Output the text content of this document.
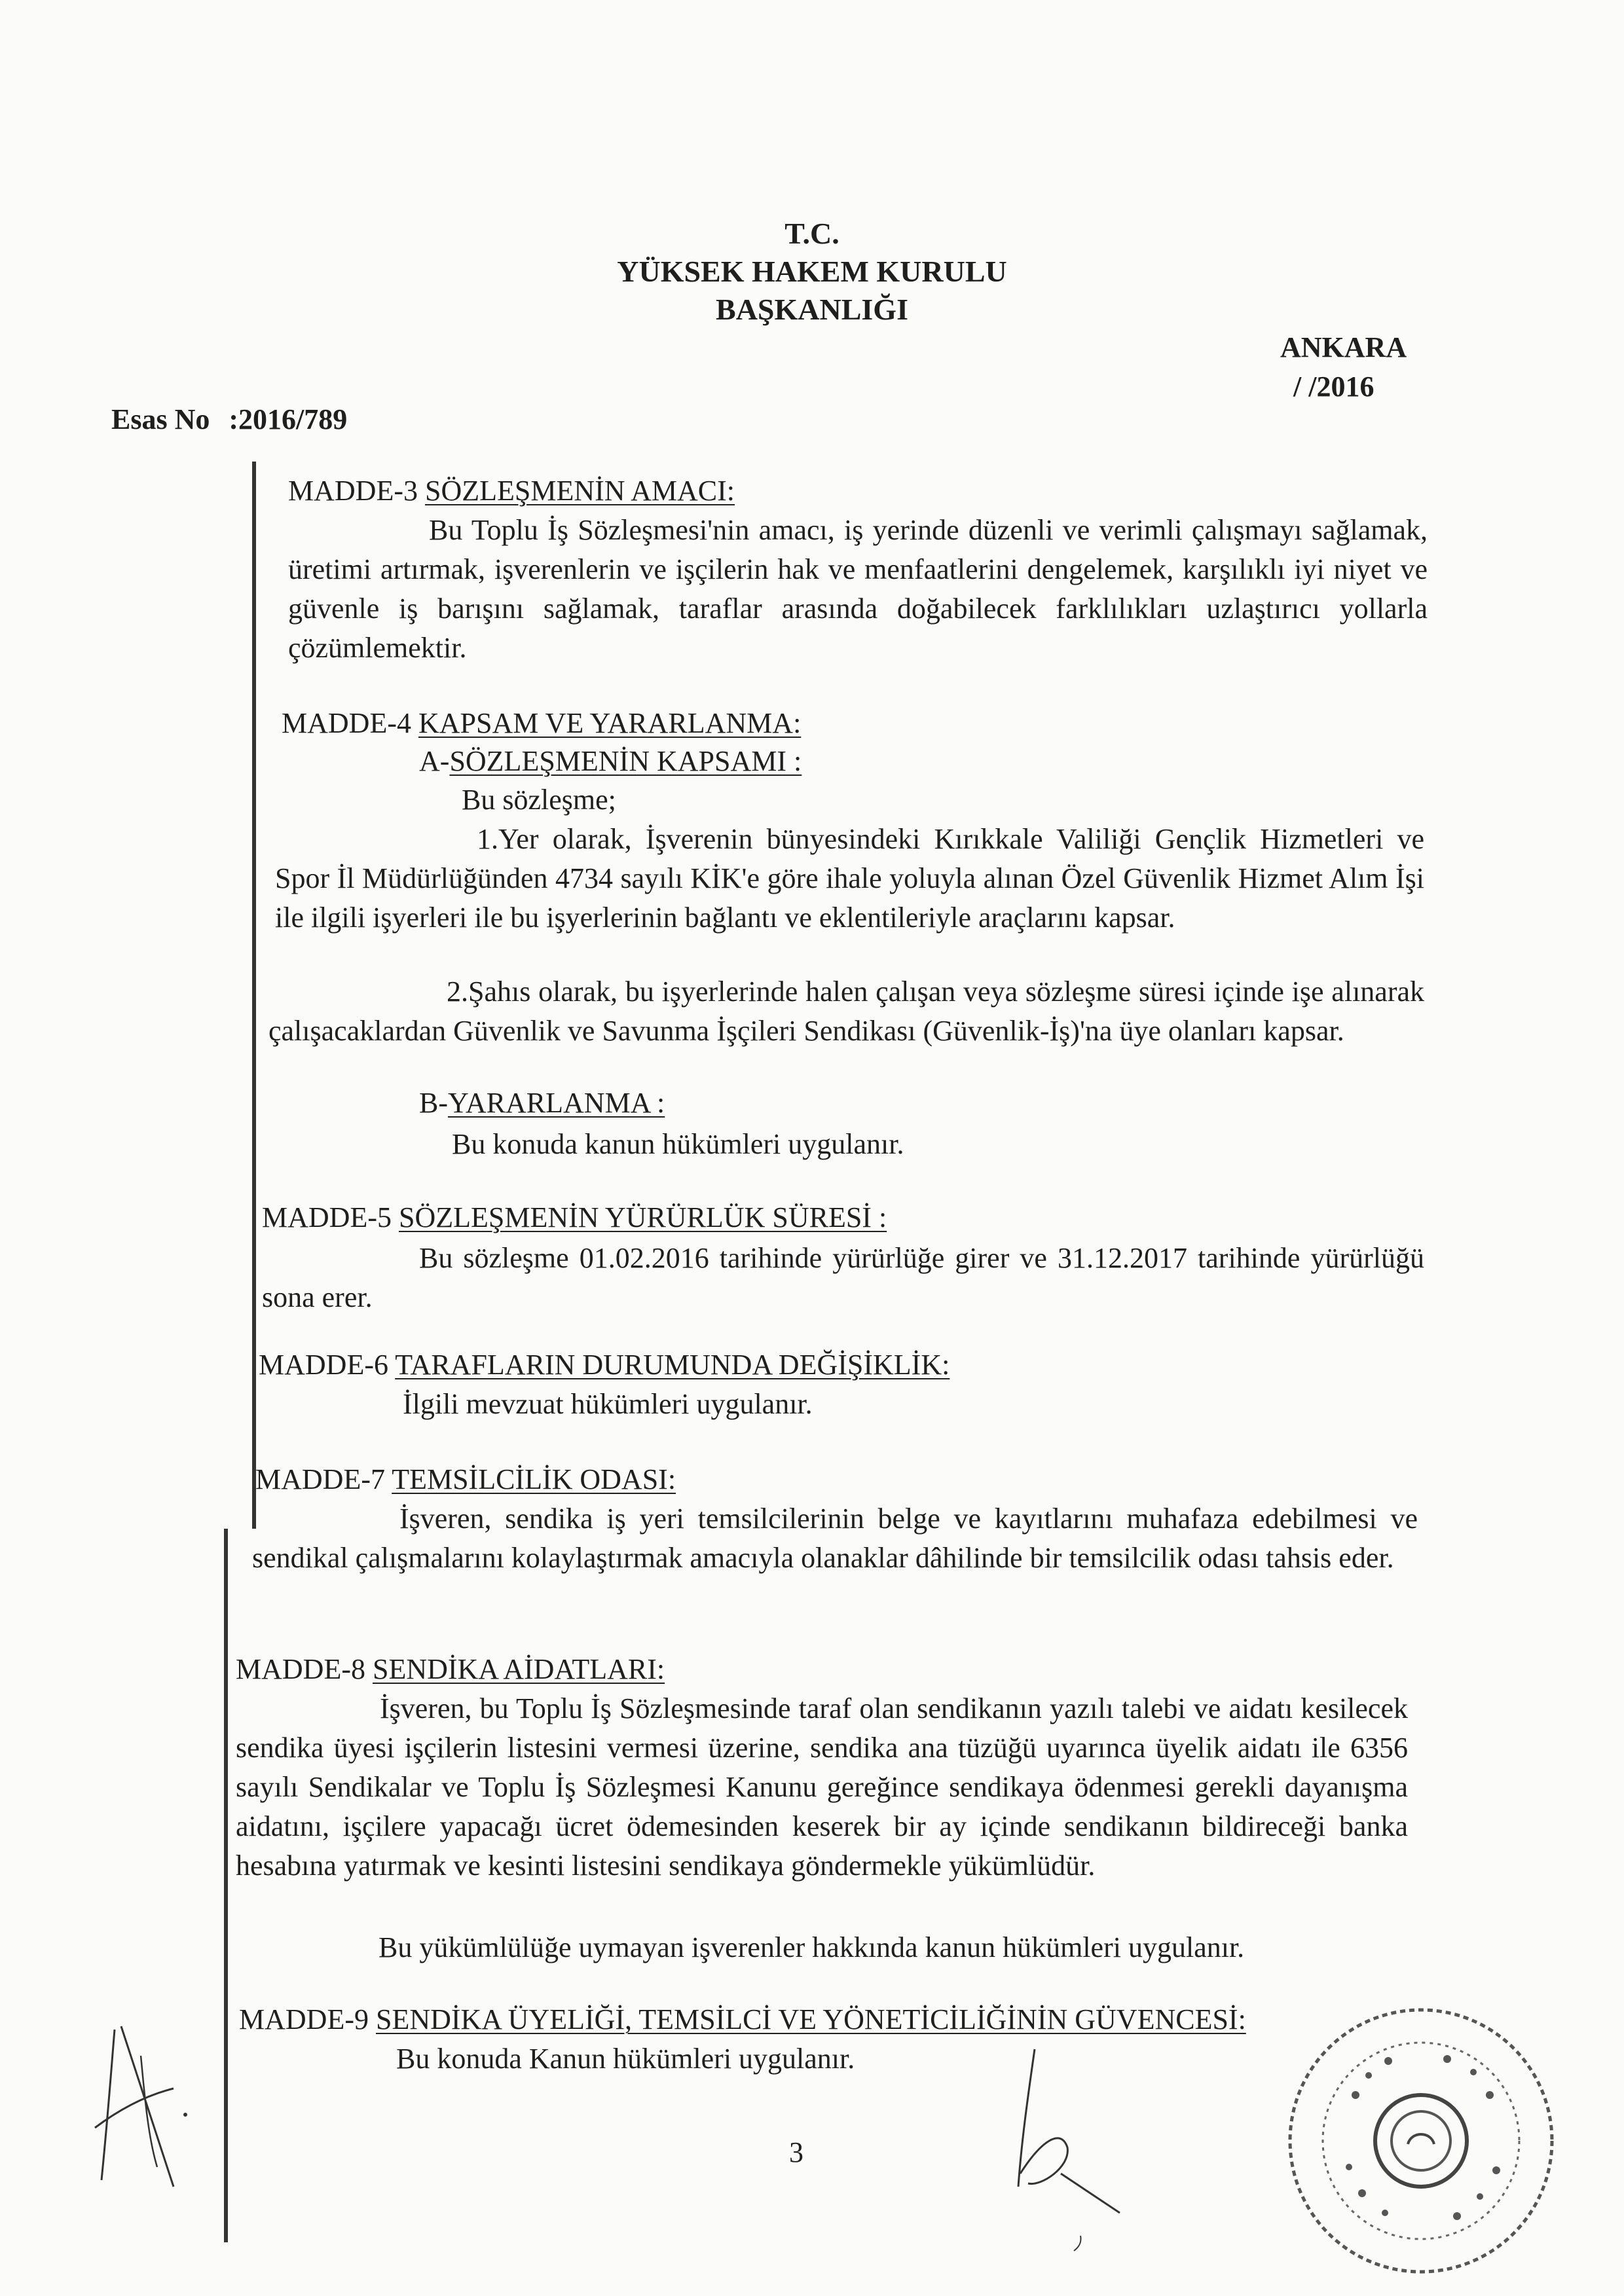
T.C.
YÜKSEK HAKEM KURULU
BAŞKANLIĞI
ANKARA
/ /2016
Esas No :2016/789
MADDE-3 SÖZLEŞMENİN AMACI:
Bu Toplu İş Sözleşmesi'nin amacı, iş yerinde düzenli ve verimli çalışmayı sağlamak, üretimi artırmak, işverenlerin ve işçilerin hak ve menfaatlerini dengelemek, karşılıklı iyi niyet ve güvenle iş barışını sağlamak, taraflar arasında doğabilecek farklılıkları uzlaştırıcı yollarla çözümlemektir.
MADDE-4 KAPSAM VE YARARLANMA:
A-SÖZLEŞMENİN KAPSAMI :
Bu sözleşme;
1.Yer olarak, İşverenin bünyesindeki Kırıkkale Valiliği Gençlik Hizmetleri ve Spor İl Müdürlüğünden 4734 sayılı KİK'e göre ihale yoluyla alınan Özel Güvenlik Hizmet Alım İşi ile ilgili işyerleri ile bu işyerlerinin bağlantı ve eklentileriyle araçlarını kapsar.
2.Şahıs olarak, bu işyerlerinde halen çalışan veya sözleşme süresi içinde işe alınarak çalışacaklardan Güvenlik ve Savunma İşçileri Sendikası (Güvenlik-İş)'na üye olanları kapsar.
B-YARARLANMA :
Bu konuda kanun hükümleri uygulanır.
MADDE-5 SÖZLEŞMENİN YÜRÜRLÜK SÜRESİ :
Bu sözleşme 01.02.2016 tarihinde yürürlüğe girer ve 31.12.2017 tarihinde yürürlüğü sona erer.
MADDE-6 TARAFLARIN DURUMUNDA DEĞİŞİKLİK:
İlgili mevzuat hükümleri uygulanır.
MADDE-7 TEMSİLCİLİK ODASI:
İşveren, sendika iş yeri temsilcilerinin belge ve kayıtlarını muhafaza edebilmesi ve sendikal çalışmalarını kolaylaştırmak amacıyla olanaklar dâhilinde bir temsilcilik odası tahsis eder.
MADDE-8 SENDİKA AİDATLARI:
İşveren, bu Toplu İş Sözleşmesinde taraf olan sendikanın yazılı talebi ve aidatı kesilecek sendika üyesi işçilerin listesini vermesi üzerine, sendika ana tüzüğü uyarınca üyelik aidatı ile 6356 sayılı Sendikalar ve Toplu İş Sözleşmesi Kanunu gereğince sendikaya ödenmesi gerekli dayanışma aidatını, işçilere yapacağı ücret ödemesinden keserek bir ay içinde sendikanın bildireceği banka hesabına yatırmak ve kesinti listesini sendikaya göndermekle yükümlüdür.
Bu yükümlülüğe uymayan işverenler hakkında kanun hükümleri uygulanır.
MADDE-9 SENDİKA ÜYELİĞİ, TEMSİLCİ VE YÖNETİCİLİĞİNİN GÜVENCESİ:
Bu konuda Kanun hükümleri uygulanır.
3
